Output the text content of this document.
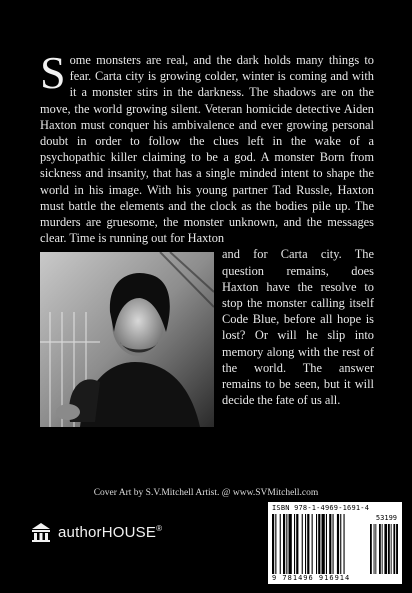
S ome monsters are real, and the dark holds many things to fear. Carta city is growing colder, winter is coming and with it a monster stirs in the darkness. The shadows are on the move, the world growing silent. Veteran homicide detective Aiden Haxton must conquer his ambivalence and ever growing personal doubt in order to follow the clues left in the wake of a psychopathic killer claiming to be a god. A monster Born from sickness and insanity, that has a single minded intent to shape the world in his image. With his young partner Tad Russle, Haxton must battle the elements and the clock as the bodies pile up. The murders are gruesome, the monster unknown, and the messages clear. Time is running out for Haxton

and for Carta city. The question remains, does Haxton have the resolve to stop the monster calling itself Code Blue, before all hope is lost? Or will he slip into memory along with the rest of the world. The answer remains to be seen, but it will decide the fate of us all.

Cover Art by S.V.Mitchell Artist. @ www.SVMitchell.com
authorHOUSE®
ISBN 978-1-4969-1691-4
53199
9 781496 916914
